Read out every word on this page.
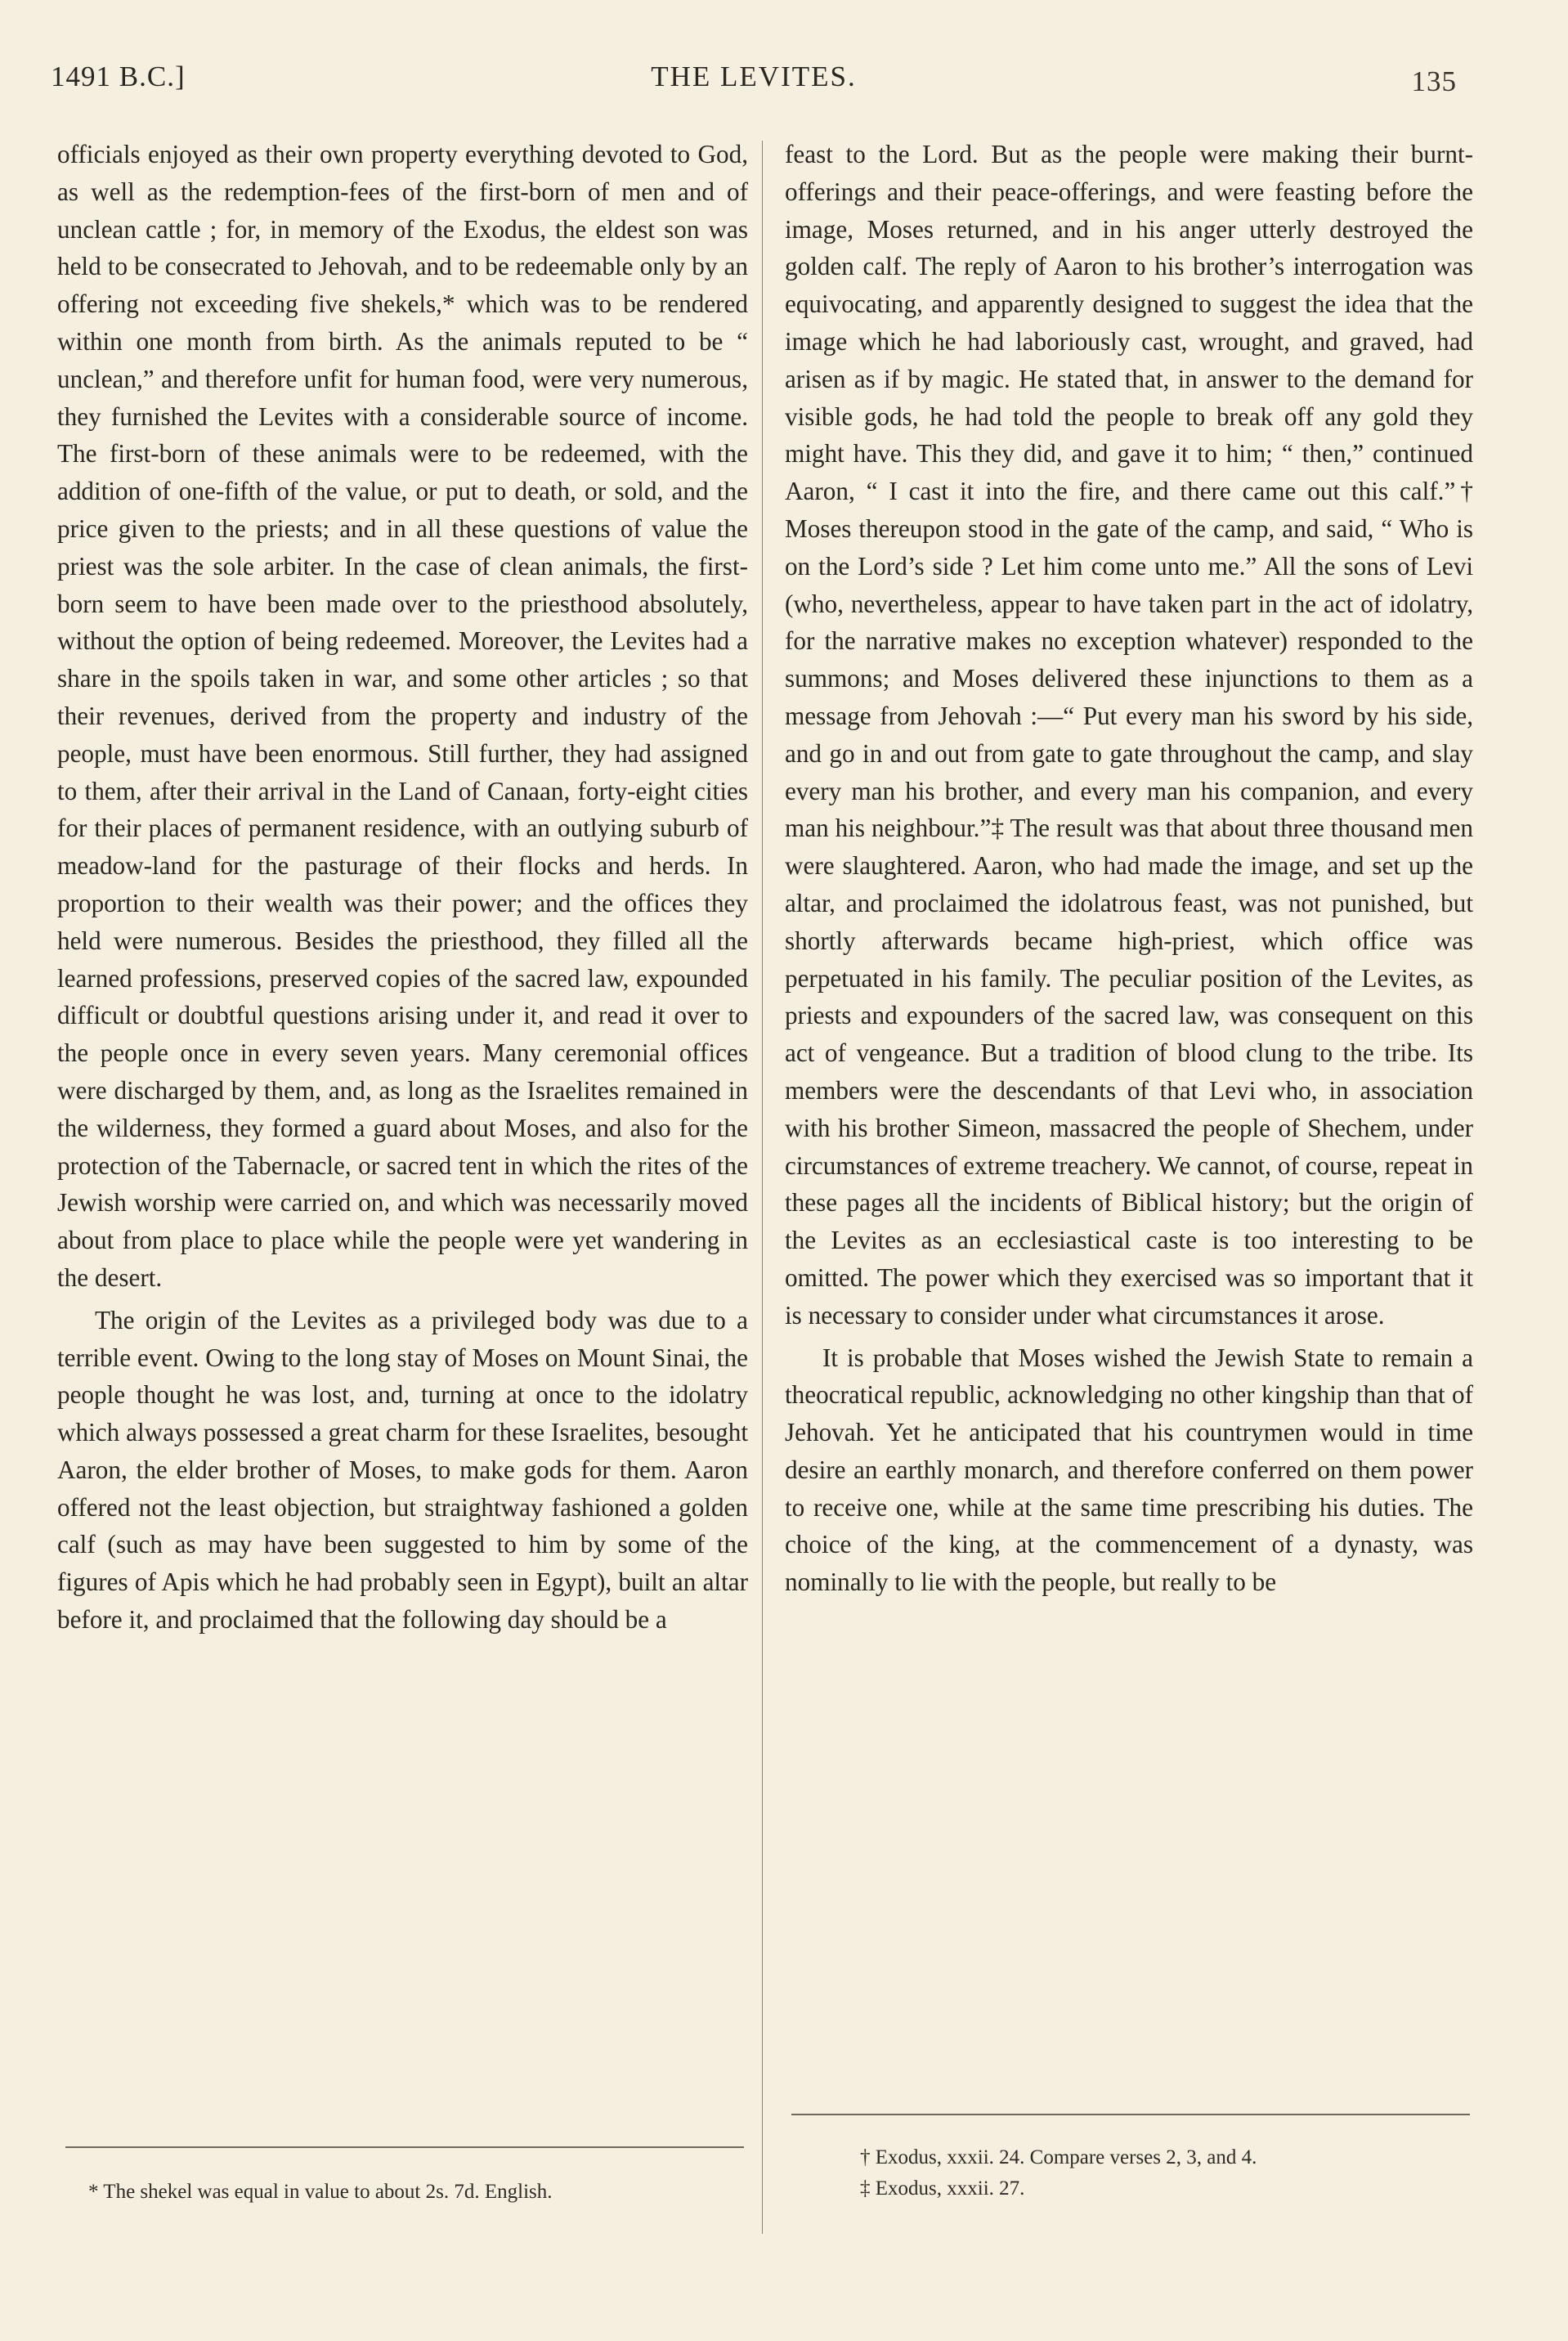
1491 B.C.]	THE LEVITES.	135

officials enjoyed as their own property everything devoted to God, as well as the redemption-fees of the first-born of men and of unclean cattle ; for, in memory of the Exodus, the eldest son was held to be consecrated to Jehovah, and to be redeemable only by an offering not exceeding five shekels,* which was to be rendered within one month from birth. As the animals reputed to be “ unclean,” and therefore unfit for human food, were very numerous, they furnished the Levites with a considerable source of income. The first-born of these animals were to be redeemed, with the addition of one-fifth of the value, or put to death, or sold, and the price given to the priests; and in all these questions of value the priest was the sole arbiter. In the case of clean animals, the first-born seem to have been made over to the priesthood absolutely, without the option of being redeemed. Moreover, the Levites had a share in the spoils taken in war, and some other articles ; so that their revenues, derived from the property and industry of the people, must have been enormous. Still further, they had assigned to them, after their arrival in the Land of Canaan, forty-eight cities for their places of permanent residence, with an outlying suburb of meadow-land for the pasturage of their flocks and herds. In proportion to their wealth was their power; and the offices they held were numerous. Besides the priesthood, they filled all the learned professions, preserved copies of the sacred law, expounded difficult or doubtful questions arising under it, and read it over to the people once in every seven years. Many ceremonial offices were discharged by them, and, as long as the Israelites remained in the wilderness, they formed a guard about Moses, and also for the protection of the Tabernacle, or sacred tent in which the rites of the Jewish worship were carried on, and which was necessarily moved about from place to place while the people were yet wandering in the desert.

The origin of the Levites as a privileged body was due to a terrible event. Owing to the long stay of Moses on Mount Sinai, the people thought he was lost, and, turning at once to the idolatry which always possessed a great charm for these Israelites, besought Aaron, the elder brother of Moses, to make gods for them. Aaron offered not the least objection, but straightway fashioned a golden calf (such as may have been suggested to him by some of the figures of Apis which he had probably seen in Egypt), built an altar before it, and proclaimed that the following day should be a

feast to the Lord. But as the people were making their burnt-offerings and their peace-offerings, and were feasting before the image, Moses returned, and in his anger utterly destroyed the golden calf. The reply of Aaron to his brother’s interrogation was equivocating, and apparently designed to suggest the idea that the image which he had laboriously cast, wrought, and graved, had arisen as if by magic. He stated that, in answer to the demand for visible gods, he had told the people to break off any gold they might have. This they did, and gave it to him; “ then,” continued Aaron, “ I cast it into the fire, and there came out this calf.”† Moses thereupon stood in the gate of the camp, and said, “ Who is on the Lord’s side ? Let him come unto me.” All the sons of Levi (who, nevertheless, appear to have taken part in the act of idolatry, for the narrative makes no exception whatever) responded to the summons; and Moses delivered these injunctions to them as a message from Jehovah :—“ Put every man his sword by his side, and go in and out from gate to gate throughout the camp, and slay every man his brother, and every man his companion, and every man his neighbour.”‡ The result was that about three thousand men were slaughtered. Aaron, who had made the image, and set up the altar, and proclaimed the idolatrous feast, was not punished, but shortly afterwards became high-priest, which office was perpetuated in his family. The peculiar position of the Levites, as priests and expounders of the sacred law, was consequent on this act of vengeance. But a tradition of blood clung to the tribe. Its members were the descendants of that Levi who, in association with his brother Simeon, massacred the people of Shechem, under circumstances of extreme treachery. We cannot, of course, repeat in these pages all the incidents of Biblical history; but the origin of the Levites as an ecclesiastical caste is too interesting to be omitted. The power which they exercised was so important that it is necessary to consider under what circumstances it arose.

It is probable that Moses wished the Jewish State to remain a theocratical republic, acknowledging no other kingship than that of Jehovah. Yet he anticipated that his countrymen would in time desire an earthly monarch, and therefore conferred on them power to receive one, while at the same time prescribing his duties. The choice of the king, at the commencement of a dynasty, was nominally to lie with the people, but really to be

* The shekel was equal in value to about 2s. 7d. English.
† Exodus, xxxii. 24. Compare verses 2, 3, and 4.
‡ Exodus, xxxii. 27.
